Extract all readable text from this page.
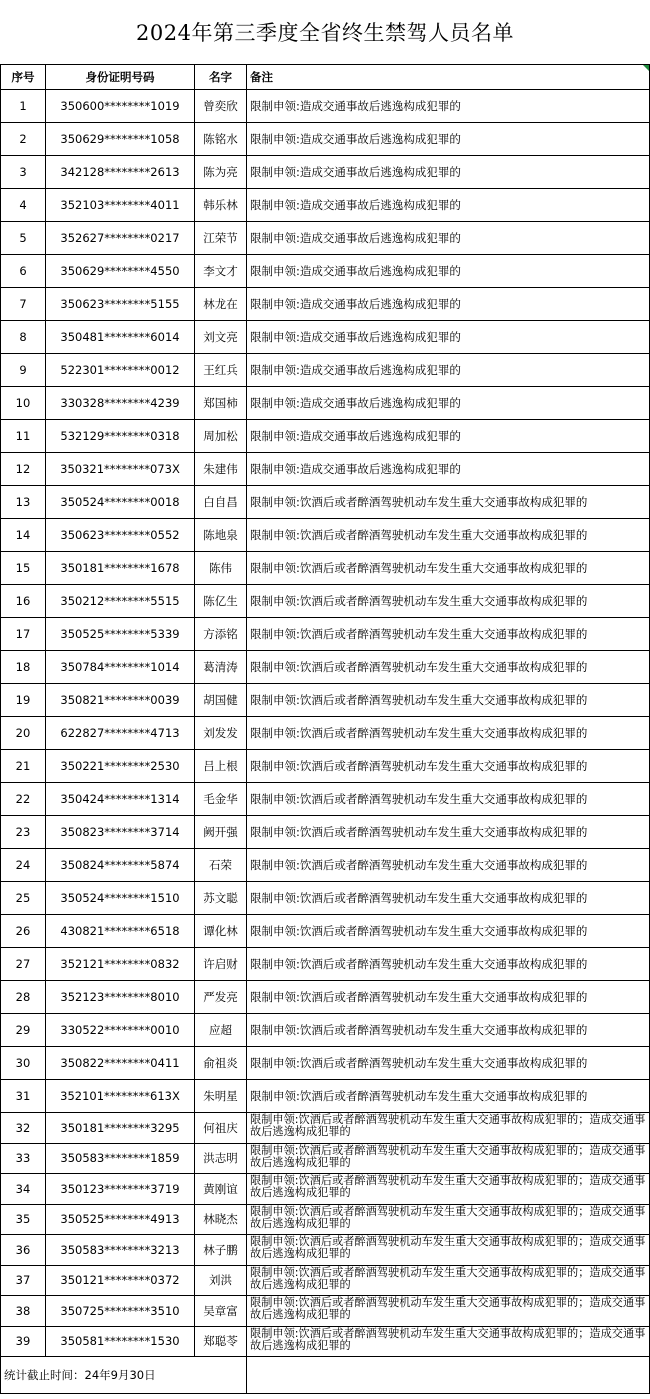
2024年第三季度全省终生禁驾人员名单
序号	身份证明号码	名字	备注
1	350600********1019	曾奕欣	限制申领:造成交通事故后逃逸构成犯罪的
2	350629********1058	陈铭水	限制申领:造成交通事故后逃逸构成犯罪的
3	342128********2613	陈为亮	限制申领:造成交通事故后逃逸构成犯罪的
4	352103********4011	韩乐林	限制申领:造成交通事故后逃逸构成犯罪的
5	352627********0217	江荣节	限制申领:造成交通事故后逃逸构成犯罪的
6	350629********4550	李文才	限制申领:造成交通事故后逃逸构成犯罪的
7	350623********5155	林龙在	限制申领:造成交通事故后逃逸构成犯罪的
8	350481********6014	刘文亮	限制申领:造成交通事故后逃逸构成犯罪的
9	522301********0012	王红兵	限制申领:造成交通事故后逃逸构成犯罪的
10	330328********4239	郑国柿	限制申领:造成交通事故后逃逸构成犯罪的
11	532129********0318	周加松	限制申领:造成交通事故后逃逸构成犯罪的
12	350321********073X	朱建伟	限制申领:造成交通事故后逃逸构成犯罪的
13	350524********0018	白自昌	限制申领:饮酒后或者醉酒驾驶机动车发生重大交通事故构成犯罪的
14	350623********0552	陈地泉	限制申领:饮酒后或者醉酒驾驶机动车发生重大交通事故构成犯罪的
15	350181********1678	陈伟	限制申领:饮酒后或者醉酒驾驶机动车发生重大交通事故构成犯罪的
16	350212********5515	陈亿生	限制申领:饮酒后或者醉酒驾驶机动车发生重大交通事故构成犯罪的
17	350525********5339	方添铭	限制申领:饮酒后或者醉酒驾驶机动车发生重大交通事故构成犯罪的
18	350784********1014	葛清涛	限制申领:饮酒后或者醉酒驾驶机动车发生重大交通事故构成犯罪的
19	350821********0039	胡国健	限制申领:饮酒后或者醉酒驾驶机动车发生重大交通事故构成犯罪的
20	622827********4713	刘发发	限制申领:饮酒后或者醉酒驾驶机动车发生重大交通事故构成犯罪的
21	350221********2530	吕上根	限制申领:饮酒后或者醉酒驾驶机动车发生重大交通事故构成犯罪的
22	350424********1314	毛金华	限制申领:饮酒后或者醉酒驾驶机动车发生重大交通事故构成犯罪的
23	350823********3714	阙开强	限制申领:饮酒后或者醉酒驾驶机动车发生重大交通事故构成犯罪的
24	350824********5874	石荣	限制申领:饮酒后或者醉酒驾驶机动车发生重大交通事故构成犯罪的
25	350524********1510	苏文聪	限制申领:饮酒后或者醉酒驾驶机动车发生重大交通事故构成犯罪的
26	430821********6518	谭化林	限制申领:饮酒后或者醉酒驾驶机动车发生重大交通事故构成犯罪的
27	352121********0832	许启财	限制申领:饮酒后或者醉酒驾驶机动车发生重大交通事故构成犯罪的
28	352123********8010	严发亮	限制申领:饮酒后或者醉酒驾驶机动车发生重大交通事故构成犯罪的
29	330522********0010	应超	限制申领:饮酒后或者醉酒驾驶机动车发生重大交通事故构成犯罪的
30	350822********0411	俞祖炎	限制申领:饮酒后或者醉酒驾驶机动车发生重大交通事故构成犯罪的
31	352101********613X	朱明星	限制申领:饮酒后或者醉酒驾驶机动车发生重大交通事故构成犯罪的
32	350181********3295	何祖庆	限制申领:饮酒后或者醉酒驾驶机动车发生重大交通事故构成犯罪的；造成交通事故后逃逸构成犯罪的
33	350583********1859	洪志明	限制申领:饮酒后或者醉酒驾驶机动车发生重大交通事故构成犯罪的；造成交通事故后逃逸构成犯罪的
34	350123********3719	黄刚谊	限制申领:饮酒后或者醉酒驾驶机动车发生重大交通事故构成犯罪的；造成交通事故后逃逸构成犯罪的
35	350525********4913	林晓杰	限制申领:饮酒后或者醉酒驾驶机动车发生重大交通事故构成犯罪的；造成交通事故后逃逸构成犯罪的
36	350583********3213	林子鹏	限制申领:饮酒后或者醉酒驾驶机动车发生重大交通事故构成犯罪的；造成交通事故后逃逸构成犯罪的
37	350121********0372	刘洪	限制申领:饮酒后或者醉酒驾驶机动车发生重大交通事故构成犯罪的；造成交通事故后逃逸构成犯罪的
38	350725********3510	吴章富	限制申领:饮酒后或者醉酒驾驶机动车发生重大交通事故构成犯罪的；造成交通事故后逃逸构成犯罪的
39	350581********1530	郑聪苓	限制申领:饮酒后或者醉酒驾驶机动车发生重大交通事故构成犯罪的；造成交通事故后逃逸构成犯罪的
统计截止时间：24年9月30日			
